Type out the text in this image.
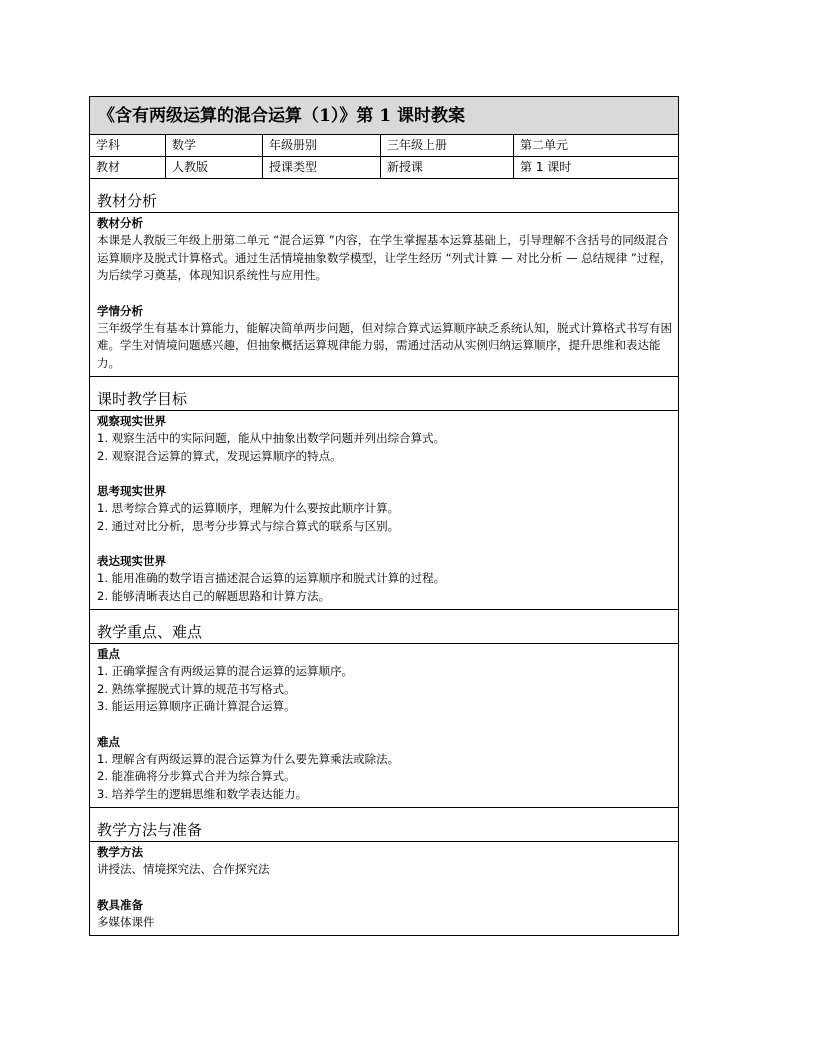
《含有两级运算的混合运算（1）》第 1 课时教案
学科	数学	年级册别	三年级上册	第二单元
教材	人教版	授课类型	新授课	第 1 课时
教材分析
教材分析
本课是人教版三年级上册第二单元 “混合运算 ”内容，在学生掌握基本运算基础上，引导理解不含括号的同级混合运算顺序及脱式计算格式。通过生活情境抽象数学模型，让学生经历 “列式计算 — 对比分析 — 总结规律 ”过程，为后续学习奠基，体现知识系统性与应用性。
学情分析
三年级学生有基本计算能力，能解决简单两步问题，但对综合算式运算顺序缺乏系统认知，脱式计算格式书写有困难。学生对情境问题感兴趣，但抽象概括运算规律能力弱，需通过活动从实例归纳运算顺序，提升思维和表达能力。
课时教学目标
观察现实世界
1. 观察生活中的实际问题，能从中抽象出数学问题并列出综合算式。
2. 观察混合运算的算式，发现运算顺序的特点。
思考现实世界
1. 思考综合算式的运算顺序，理解为什么要按此顺序计算。
2. 通过对比分析，思考分步算式与综合算式的联系与区别。
表达现实世界
1. 能用准确的数学语言描述混合运算的运算顺序和脱式计算的过程。
2. 能够清晰表达自己的解题思路和计算方法。
教学重点、难点
重点
1. 正确掌握含有两级运算的混合运算的运算顺序。
2. 熟练掌握脱式计算的规范书写格式。
3. 能运用运算顺序正确计算混合运算。
难点
1. 理解含有两级运算的混合运算为什么要先算乘法或除法。
2. 能准确将分步算式合并为综合算式。
3. 培养学生的逻辑思维和数学表达能力。
教学方法与准备
教学方法
讲授法、情境探究法、合作探究法
教具准备
多媒体课件
